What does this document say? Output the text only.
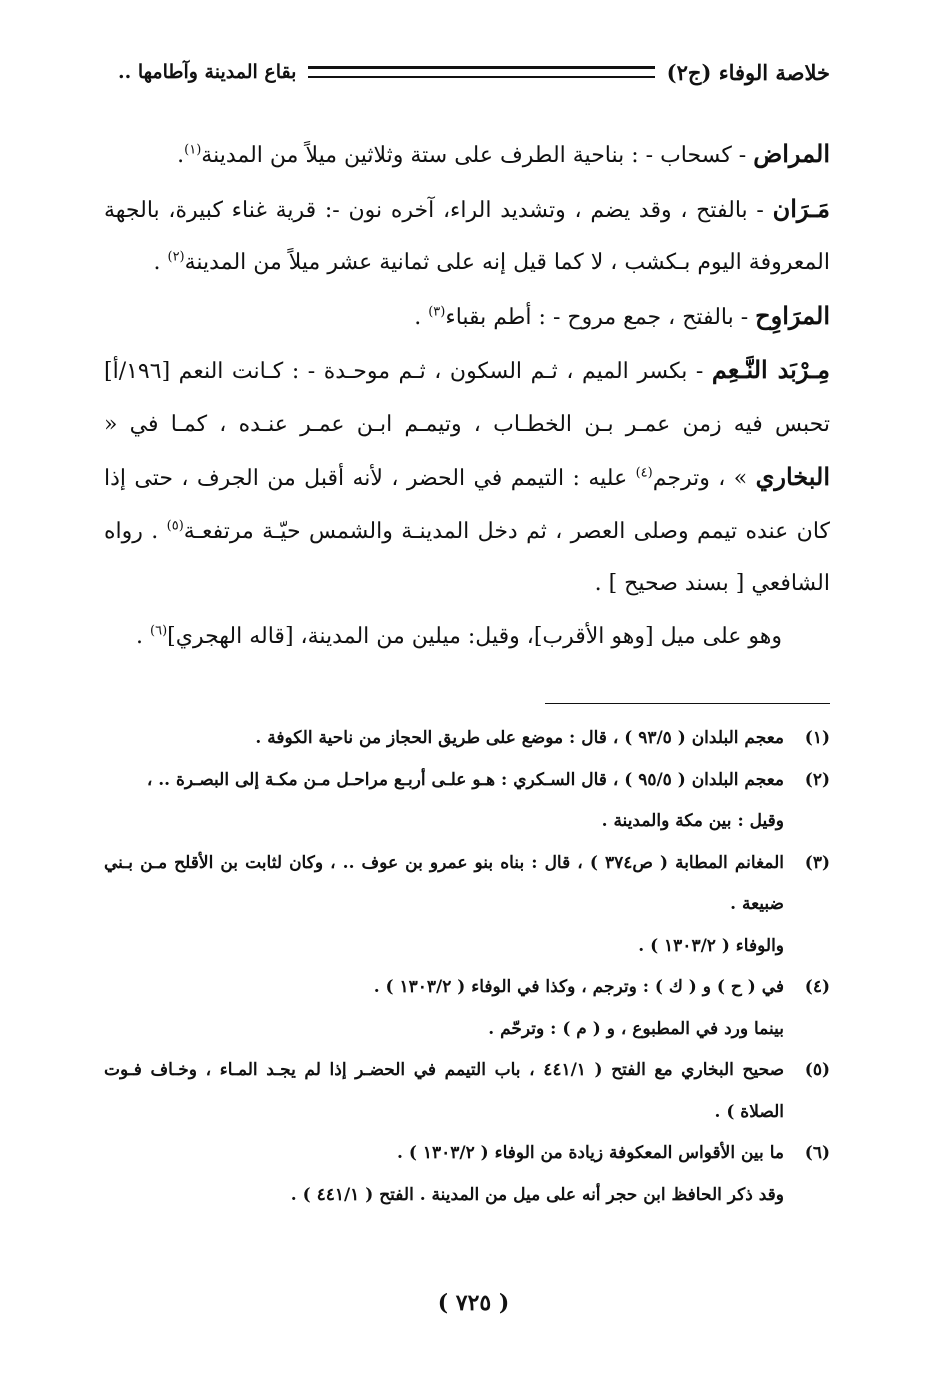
خلاصة الوفاء (ج٢)
بقاع المدينة وآطامها ..

المراض - كسحاب - : بناحية الطرف على ستة وثلاثين ميلاً من المدينة$^{(١)}$.

مَـرَان - بالفتح ، وقد يضم ، وتشديد الراء، آخره نون -: قرية غناء كبيرة، بالجهة المعروفة اليوم بـكشب ، لا كما قيل إنه على ثمانية عشر ميلاً من المدينة$^{(٢)}$ .

المرَاوِح - بالفتح ، جمع مروح - : أطم بقباء$^{(٣)}$ .

مِـرْبَد النَّـعِم - بكسر الميم ، ثـم السكون ، ثـم موحـدة - : كـانت النعم [١٩٦/أ] تحبس فيه زمن عمـر بـن الخطـاب ، وتيمـم ابـن عمـر عنـده ، كمـا في « البخاري » ، وترجم$^{(٤)}$ عليه : التيمم في الحضر ، لأنه أقبل من الجرف ، حتى إذا كان عنده تيمم وصلى العصر ، ثم دخل المدينـة والشمس حيّـة مرتفعـة$^{(٥)}$ . رواه الشافعي [ بسند صحيح ] .

وهو على ميل [وهو الأقرب]، وقيل: ميلين من المدينة، [قاله الهجري]$^{(٦)}$ .

(١)
معجم البلدان ( ٩٣/٥ ) ، قال : موضع على طريق الحجاز من ناحية الكوفة .
(٢)
معجم البلدان ( ٩٥/٥ ) ، قال السـكري : هـو علـى أربـع مراحـل مـن مكـة إلى البصـرة .. ،
وقيل : بين مكة والمدينة .
(٣)
المغانم المطابة ( ص٣٧٤ ) ، قال : بناه بنو عمرو بن عوف .. ، وكان لثابت بن الأقلح مـن بـني ضبيعة .
والوفاء ( ١٣٠٣/٢ ) .
(٤)
في ( ح ) و ( ك ) : وترجم ، وكذا في الوفاء ( ١٣٠٣/٢ ) .
بينما ورد في المطبوع ، و ( م ) : وترحّم .
(٥)
صحيح البخاري مع الفتح ( ٤٤١/١ ، باب التيمم في الحضـر إذا لم يجـد المـاء ، وخـاف فـوت الصلاة ) .
(٦)
ما بين الأقواس المعكوفة زيادة من الوفاء ( ١٣٠٣/٢ ) .
وقد ذكر الحافظ ابن حجر أنه على ميل من المدينة . الفتح ( ٤٤١/١ ) .
( ٧٢٥ )
